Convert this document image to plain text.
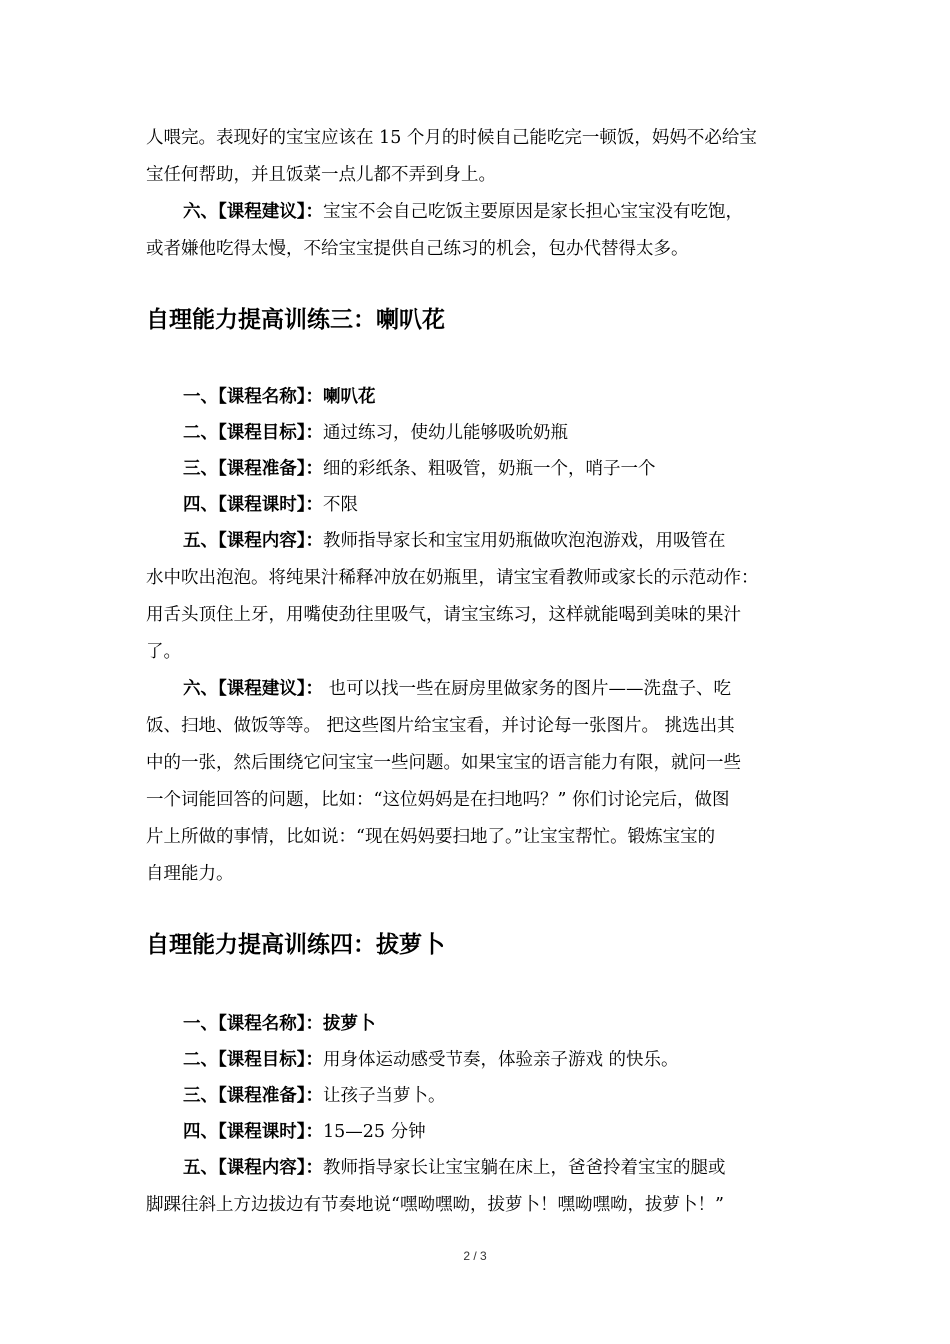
人喂完。表现好的宝宝应该在 15 个月的时候自己能吃完一顿饭，妈妈不必给宝
宝任何帮助，并且饭菜一点儿都不弄到身上。
六、【课程建议】：宝宝不会自己吃饭主要原因是家长担心宝宝没有吃饱，
或者嫌他吃得太慢，不给宝宝提供自己练习的机会，包办代替得太多。
自理能力提高训练三：喇叭花
一、【课程名称】：喇叭花
二、【课程目标】：通过练习，使幼儿能够吸吮奶瓶
三、【课程准备】：细的彩纸条、粗吸管，奶瓶一个，哨子一个
四、【课程课时】：不限
五、【课程内容】：教师指导家长和宝宝用奶瓶做吹泡泡游戏，用吸管在
水中吹出泡泡。将纯果汁稀释冲放在奶瓶里，请宝宝看教师或家长的示范动作：
用舌头顶住上牙，用嘴使劲往里吸气，请宝宝练习，这样就能喝到美味的果汁
了。
六、【课程建议】： 也可以找一些在厨房里做家务的图片——洗盘子、吃
饭、扫地、做饭等等。 把这些图片给宝宝看，并讨论每一张图片。 挑选出其
中的一张，然后围绕它问宝宝一些问题。如果宝宝的语言能力有限，就问一些
一个词能回答的问题，比如：“这位妈妈是在扫地吗？” 你们讨论完后，做图
片上所做的事情，比如说：“现在妈妈要扫地了。”让宝宝帮忙。锻炼宝宝的
自理能力。
自理能力提高训练四：拔萝卜
一、【课程名称】：拔萝卜
二、【课程目标】：用身体运动感受节奏，体验亲子游戏 的快乐。
三、【课程准备】：让孩子当萝卜。
四、【课程课时】：15—25 分钟
五、【课程内容】：教师指导家长让宝宝躺在床上，爸爸拎着宝宝的腿或
脚踝往斜上方边拔边有节奏地说“嘿呦嘿呦，拔萝卜！嘿呦嘿呦，拔萝卜！”
2 / 3
